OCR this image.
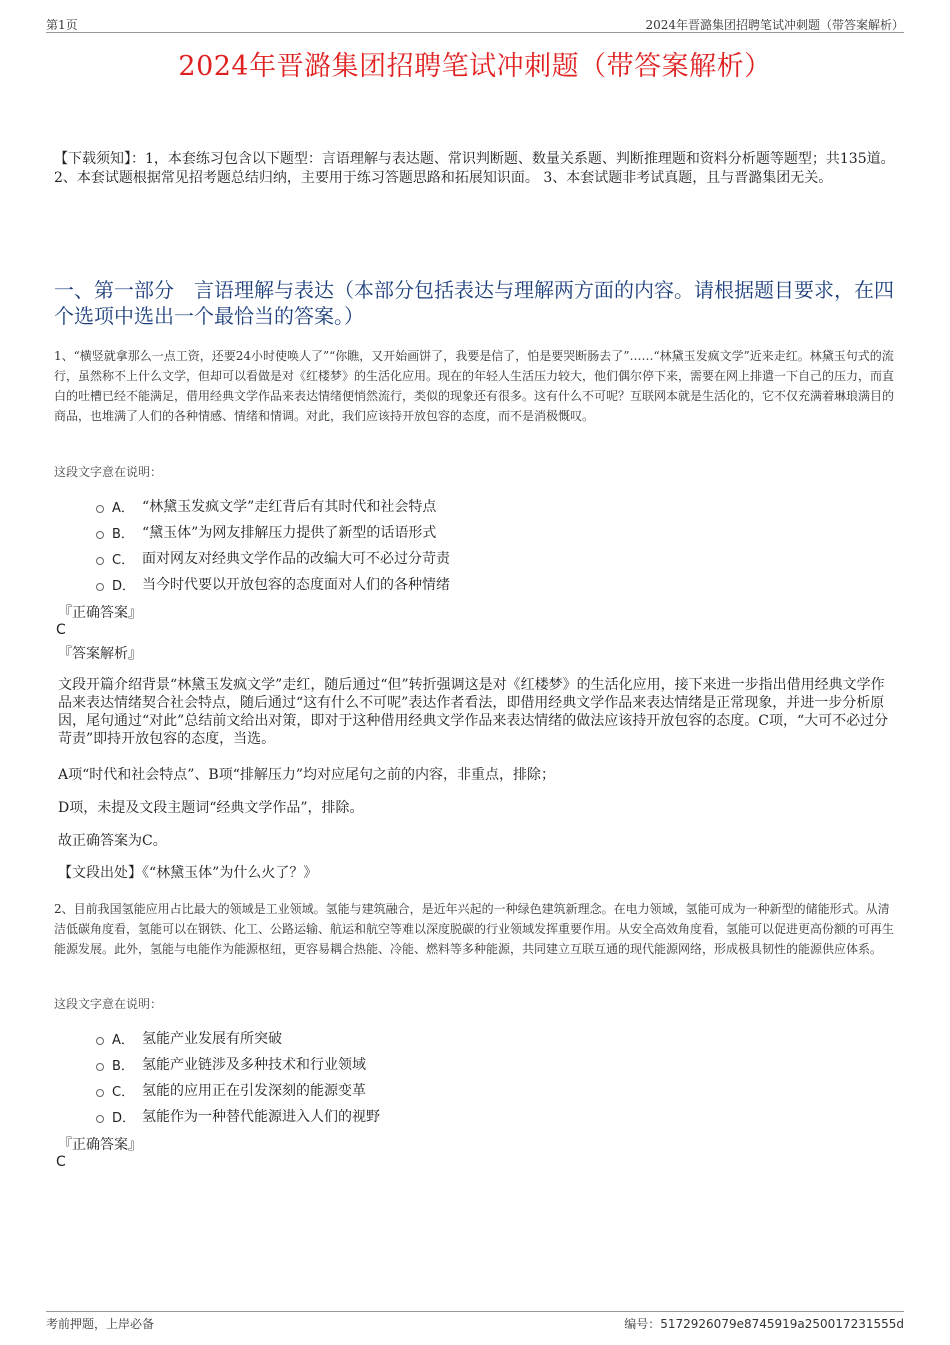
第1页	2024年晋潞集团招聘笔试冲刺题（带答案解析）
2024年晋潞集团招聘笔试冲刺题（带答案解析）
【下载须知】：1，本套练习包含以下题型：言语理解与表达题、常识判断题、数量关系题、判断推理题和资料分析题等题型；共135道。 2、本套试题根据常见招考题总结归纳，主要用于练习答题思路和拓展知识面。 3、本套试题非考试真题，且与晋潞集团无关。
一、第一部分　言语理解与表达（本部分包括表达与理解两方面的内容。请根据题目要求，在四个选项中选出一个最恰当的答案。）
1、“横竖就拿那么一点工资，还要24小时使唤人了”“你瞧，又开始画饼了，我要是信了，怕是要哭断肠去了”……“林黛玉发疯文学”近来走红。林黛玉句式的流行，虽然称不上什么文学，但却可以看做是对《红楼梦》的生活化应用。现在的年轻人生活压力较大，他们偶尔停下来，需要在网上排遣一下自己的压力，而直白的吐槽已经不能满足，借用经典文学作品来表达情绪便悄然流行，类似的现象还有很多。这有什么不可呢？互联网本就是生活化的，它不仅充满着琳琅满目的商品，也堆满了人们的各种情感、情绪和情调。对此，我们应该持开放包容的态度，而不是消极慨叹。
这段文字意在说明：
A． “林黛玉发疯文学”走红背后有其时代和社会特点
B． “黛玉体”为网友排解压力提供了新型的话语形式
C． 面对网友对经典文学作品的改编大可不必过分苛责
D． 当今时代要以开放包容的态度面对人们的各种情绪
『正确答案』
C
『答案解析』
文段开篇介绍背景“林黛玉发疯文学”走红，随后通过“但”转折强调这是对《红楼梦》的生活化应用，接下来进一步指出借用经典文学作品来表达情绪契合社会特点，随后通过“这有什么不可呢”表达作者看法，即借用经典文学作品来表达情绪是正常现象，并进一步分析原因，尾句通过“对此”总结前文给出对策，即对于这种借用经典文学作品来表达情绪的做法应该持开放包容的态度。C项，“大可不必过分苛责”即持开放包容的态度，当选。
A项“时代和社会特点”、B项“排解压力”均对应尾句之前的内容，非重点，排除；
D项，未提及文段主题词“经典文学作品”，排除。
故正确答案为C。
【文段出处】《“林黛玉体”为什么火了？》
2、目前我国氢能应用占比最大的领域是工业领域。氢能与建筑融合，是近年兴起的一种绿色建筑新理念。在电力领域，氢能可成为一种新型的储能形式。从清洁低碳角度看，氢能可以在钢铁、化工、公路运输、航运和航空等难以深度脱碳的行业领域发挥重要作用。从安全高效角度看，氢能可以促进更高份额的可再生能源发展。此外，氢能与电能作为能源枢纽，更容易耦合热能、冷能、燃料等多种能源，共同建立互联互通的现代能源网络，形成极具韧性的能源供应体系。
这段文字意在说明：
A． 氢能产业发展有所突破
B． 氢能产业链涉及多种技术和行业领域
C． 氢能的应用正在引发深刻的能源变革
D． 氢能作为一种替代能源进入人们的视野
『正确答案』
C
考前押题，上岸必备	编号：5172926079e8745919a250017231555d
